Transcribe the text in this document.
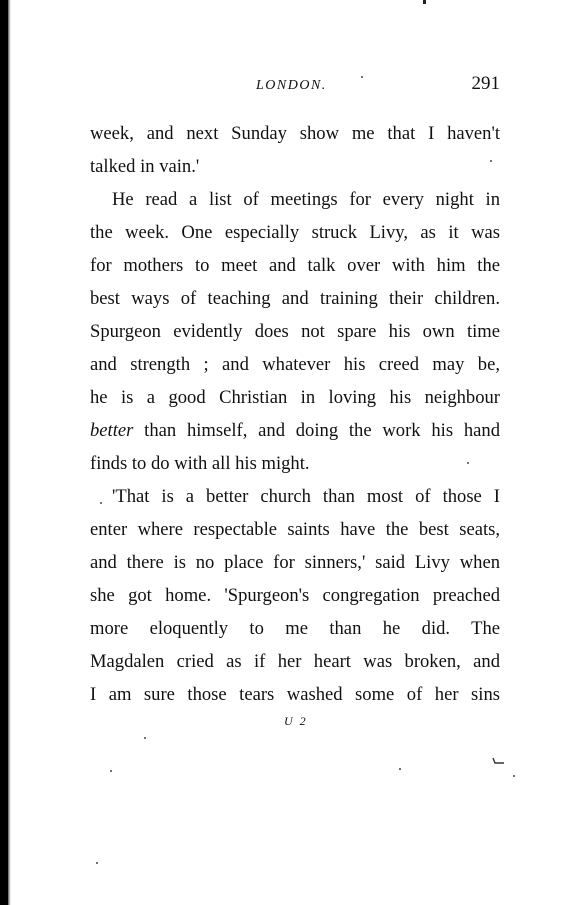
LONDON.	291
week, and next Sunday show me that I haven't
talked in vain.'
He read a list of meetings for every night in
the week. One especially struck Livy, as it was
for mothers to meet and talk over with him the
best ways of teaching and training their children.
Spurgeon evidently does not spare his own time
and strength ; and whatever his creed may be,
he is a good Christian in loving his neighbour
better than himself, and doing the work his hand
finds to do with all his might.
'That is a better church than most of those I
enter where respectable saints have the best seats,
and there is no place for sinners,' said Livy when
she got home. 'Spurgeon's congregation preached
more eloquently to me than he did. The
Magdalen cried as if her heart was broken, and
I am sure those tears washed some of her sins
U 2
